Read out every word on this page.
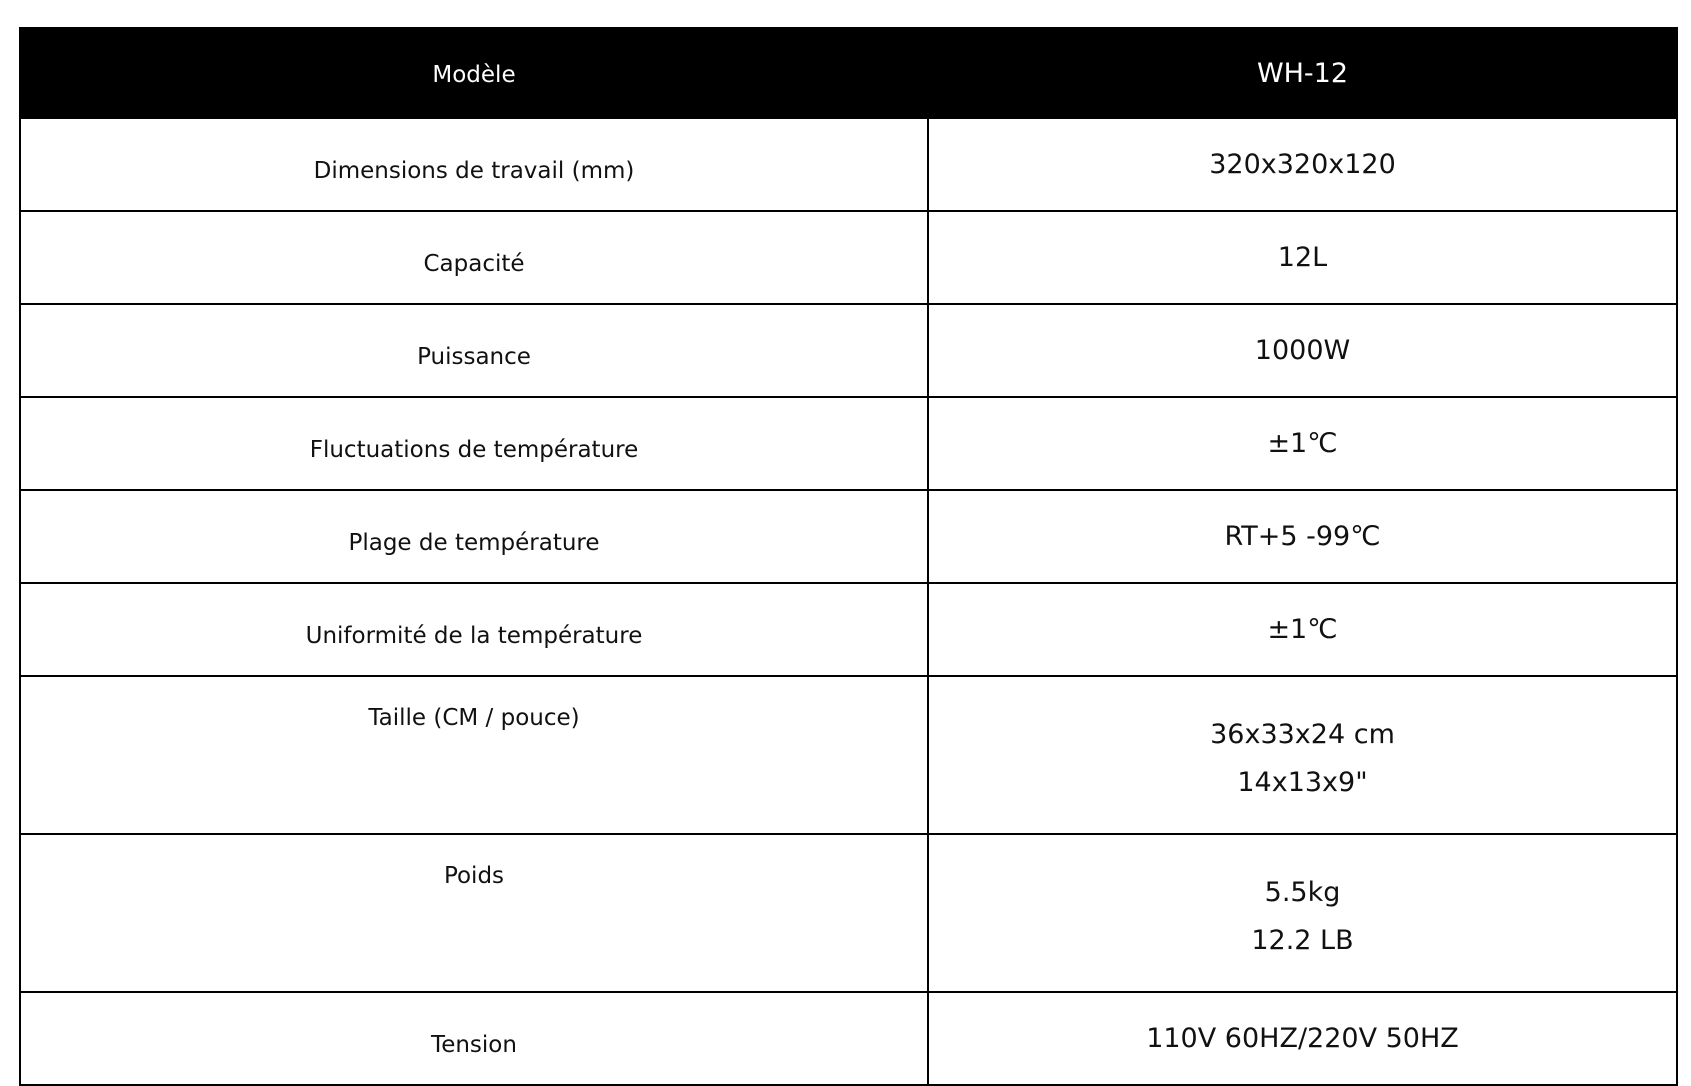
Modèle	WH-12
Dimensions de travail (mm)	320x320x120
Capacité	12L
Puissance	1000W
Fluctuations de température	±1℃
Plage de température	RT+5 -99℃
Uniformité de la température	±1℃
Taille (CM / pouce)	36x33x24 cm
14x13x9"

Poids	5.5kg
12.2 LB

Tension	110V 60HZ/220V 50HZ
